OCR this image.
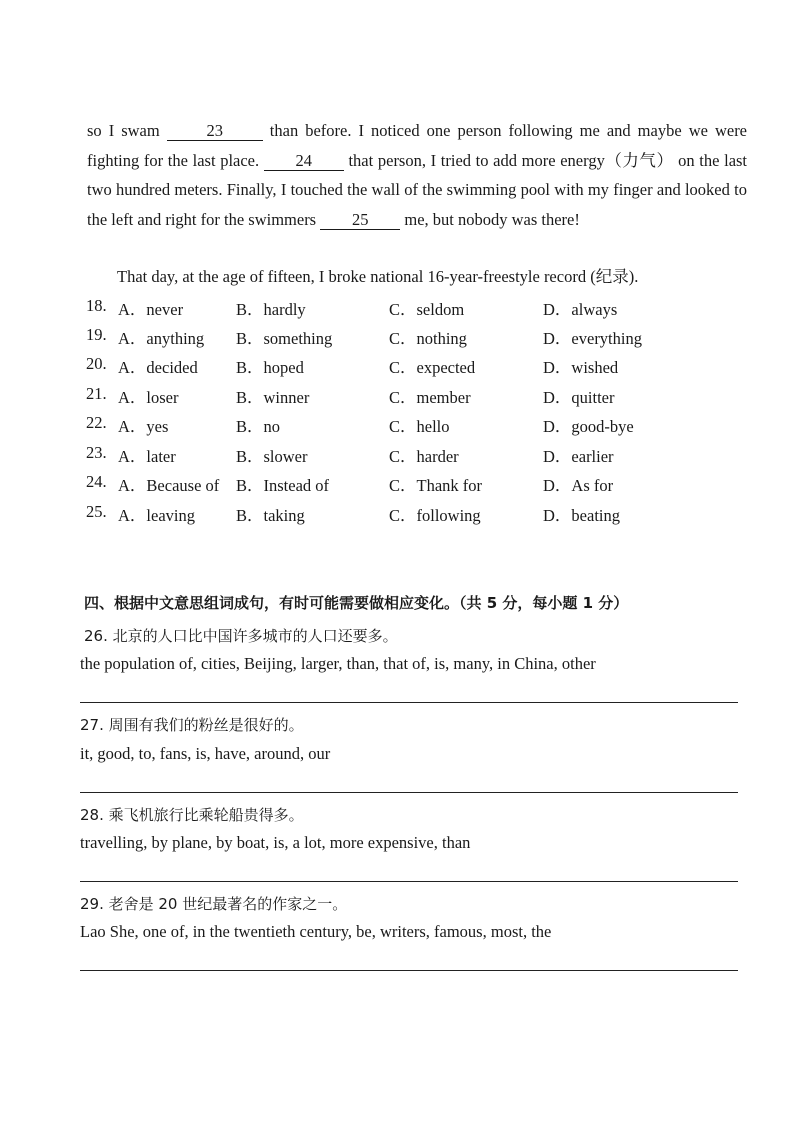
so I swam	23	than before. I noticed one person following me and maybe we were fighting for the last place. 24 that person, I tried to add more energy（力气） on the last two hundred meters. Finally, I touched the wall of the swimming pool with my finger and looked to the left and right for the swimmers 25 me, but nobody was there!
That day, at the age of fifteen, I broke national 16-year-freestyle record (纪录).
18. A．never	B．hardly	C．seldom	D．always
19. A．anything B．something	C．nothing	D．everything
20. A．decided B．hoped	C．expected	D．wished
21. A．loser	B．winner	C．member	D．quitter
22. A．yes	B．no	C．hello	D．good-bye
23. A．later	B．slower	C．harder	D．earlier
24. A．Because of B．Instead of	C．Thank for	D．As for
25. A．leaving B．taking	C．following	D．beating
四、根据中文意思组词成句，有时可能需要做相应变化。（共 5 分，每小题 1 分）
26. 北京的人口比中国许多城市的人口还要多。
the population of, cities, Beijing, larger, than, that of, is, many, in China, other
27. 周围有我们的粉丝是很好的。
it, good, to, fans, is, have, around, our
28. 乘飞机旅行比乘轮船贵得多。
travelling, by plane, by boat, is, a lot, more expensive, than
29. 老舍是 20 世纪最著名的作家之一。
Lao She, one of, in the twentieth century, be, writers, famous, most, the
